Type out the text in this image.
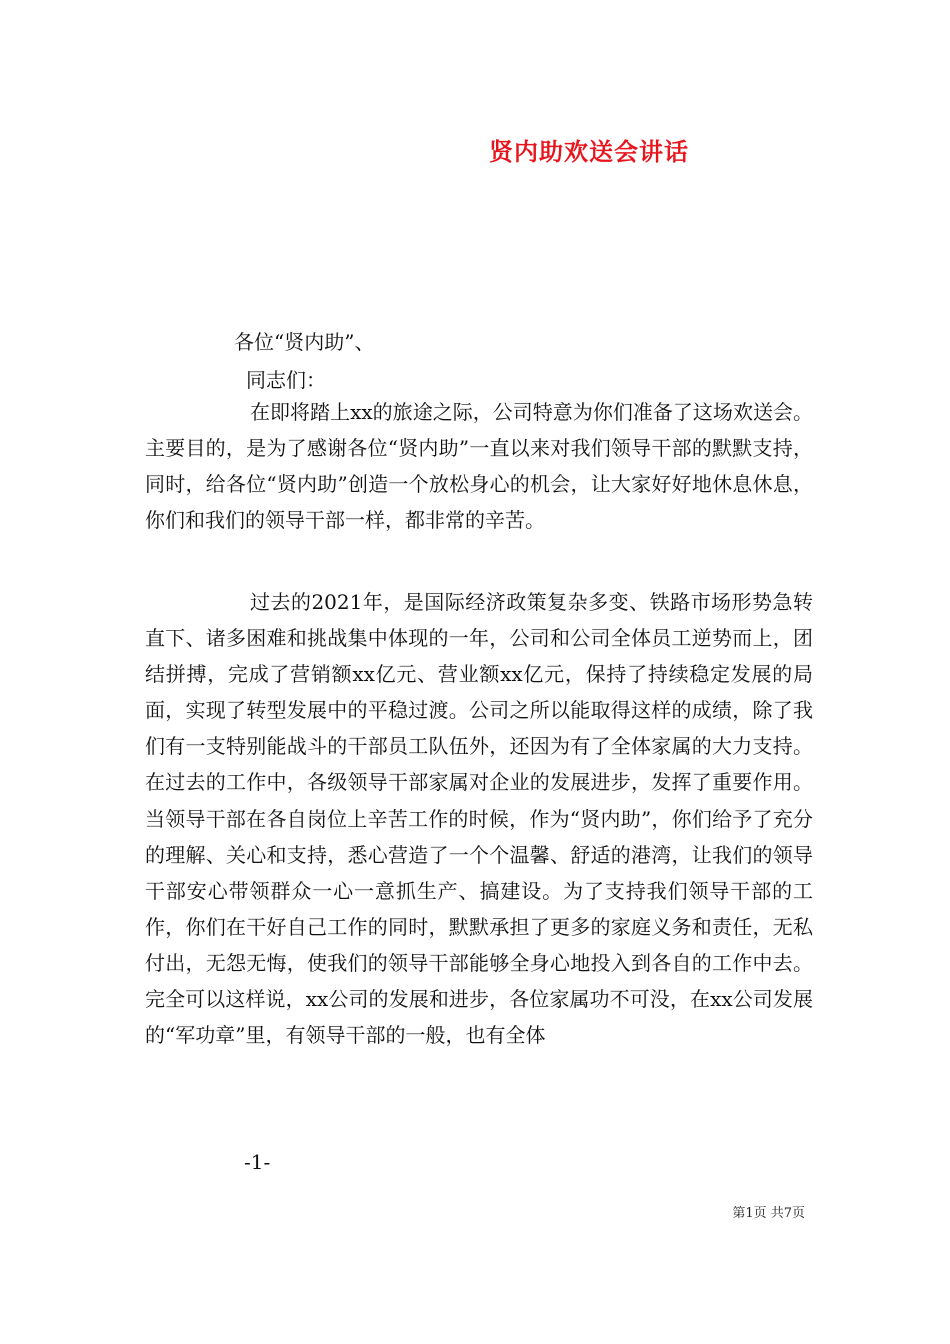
贤内助欢送会讲话
各位“贤内助”、
同志们：

在即将踏上xx的旅途之际，公司特意为你们准备了这场欢送会。主要目的，是为了感谢各位“贤内助”一直以来对我们领导干部的默默支持，同时，给各位“贤内助”创造一个放松身心的机会，让大家好好地休息休息，你们和我们的领导干部一样，都非常的辛苦。

过去的2021年，是国际经济政策复杂多变、铁路市场形势急转直下、诸多困难和挑战集中体现的一年，公司和公司全体员工逆势而上，团结拼搏，完成了营销额xx亿元、营业额xx亿元，保持了持续稳定发展的局面，实现了转型发展中的平稳过渡。公司之所以能取得这样的成绩，除了我们有一支特别能战斗的干部员工队伍外，还因为有了全体家属的大力支持。在过去的工作中，各级领导干部家属对企业的发展进步，发挥了重要作用。当领导干部在各自岗位上辛苦工作的时候，作为“贤内助”，你们给予了充分的理解、关心和支持，悉心营造了一个个温馨、舒适的港湾，让我们的领导干部安心带领群众一心一意抓生产、搞建设。为了支持我们领导干部的工作，你们在干好自己工作的同时，默默承担了更多的家庭义务和责任，无私付出，无怨无悔，使我们的领导干部能够全身心地投入到各自的工作中去。完全可以这样说，xx公司的发展和进步，各位家属功不可没，在xx公司发展的“军功章”里，有领导干部的一般，也有全体

-1-
第1页 共7页
